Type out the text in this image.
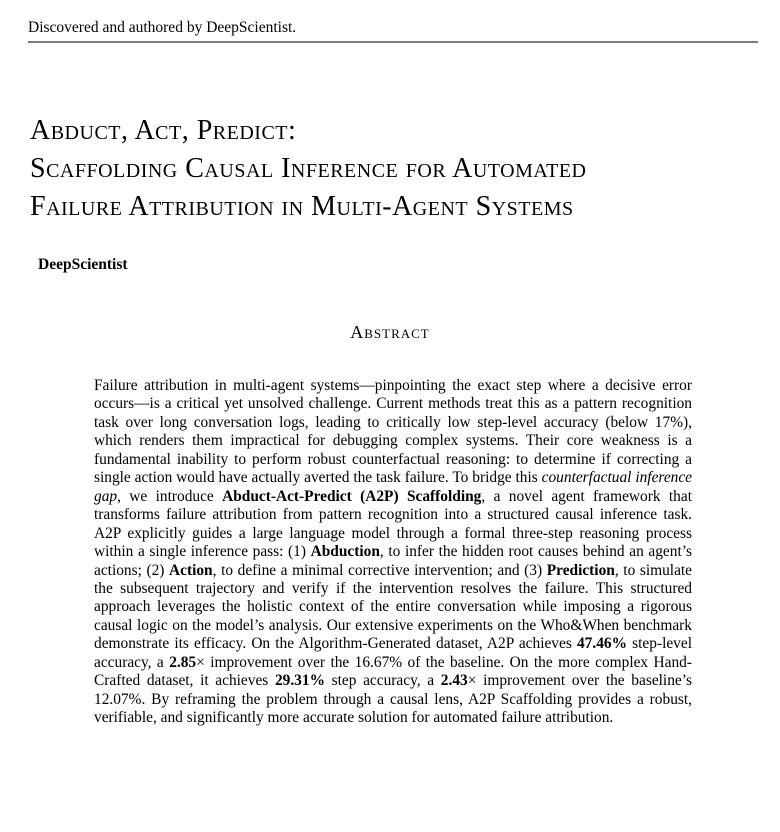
Discovered and authored by DeepScientist.
Abduct, Act, Predict:
Scaffolding Causal Inference for Automated
Failure Attribution in Multi-Agent Systems
DeepScientist
Abstract
Failure attribution in multi-agent systems—pinpointing the exact step where a decisive error occurs—is a critical yet unsolved challenge. Current methods treat this as a pattern recognition task over long conversation logs, leading to critically low step-level accuracy (below 17%), which renders them impractical for debugging complex systems. Their core weakness is a fundamental inability to perform robust counterfactual reasoning: to determine if correcting a single action would have actually averted the task failure. To bridge this counterfactual inference gap, we introduce Abduct-Act-Predict (A2P) Scaffolding, a novel agent framework that transforms failure attribution from pattern recognition into a structured causal inference task. A2P explicitly guides a large language model through a formal three-step reasoning process within a single inference pass: (1) Abduction, to infer the hidden root causes behind an agent’s actions; (2) Action, to define a minimal corrective intervention; and (3) Prediction, to simulate the subsequent trajectory and verify if the intervention resolves the failure. This structured approach leverages the holistic context of the entire conversation while imposing a rigorous causal logic on the model’s analysis. Our extensive experiments on the Who&When benchmark demonstrate its efficacy. On the Algorithm-Generated dataset, A2P achieves 47.46% step-level accuracy, a 2.85× improvement over the 16.67% of the baseline. On the more complex Hand-Crafted dataset, it achieves 29.31% step accuracy, a 2.43× improvement over the baseline’s 12.07%. By reframing the problem through a causal lens, A2P Scaffolding provides a robust, verifiable, and significantly more accurate solution for automated failure attribution.
